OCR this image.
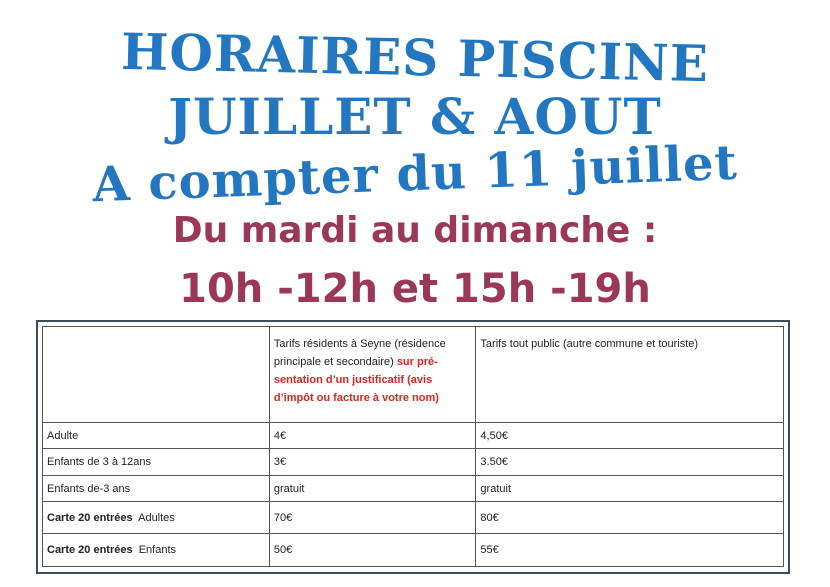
HORAIRES PISCINE
JUILLET & AOUT
A compter du 11 juillet
Du mardi au dimanche :
10h -12h et 15h -19h
	Tarifs résidents à Seyne (résidence principale et secondaire) sur pré-sentation d’un justificatif (avis d’impôt ou facture à votre nom)	Tarifs tout public (autre commune et touriste)
Adulte	4€	4,50€
Enfants de 3 à 12ans	3€	3.50€
Enfants de-3 ans	gratuit	gratuit
Carte 20 entrées  Adultes	70€	80€
Carte 20 entrées  Enfants	50€	55€
